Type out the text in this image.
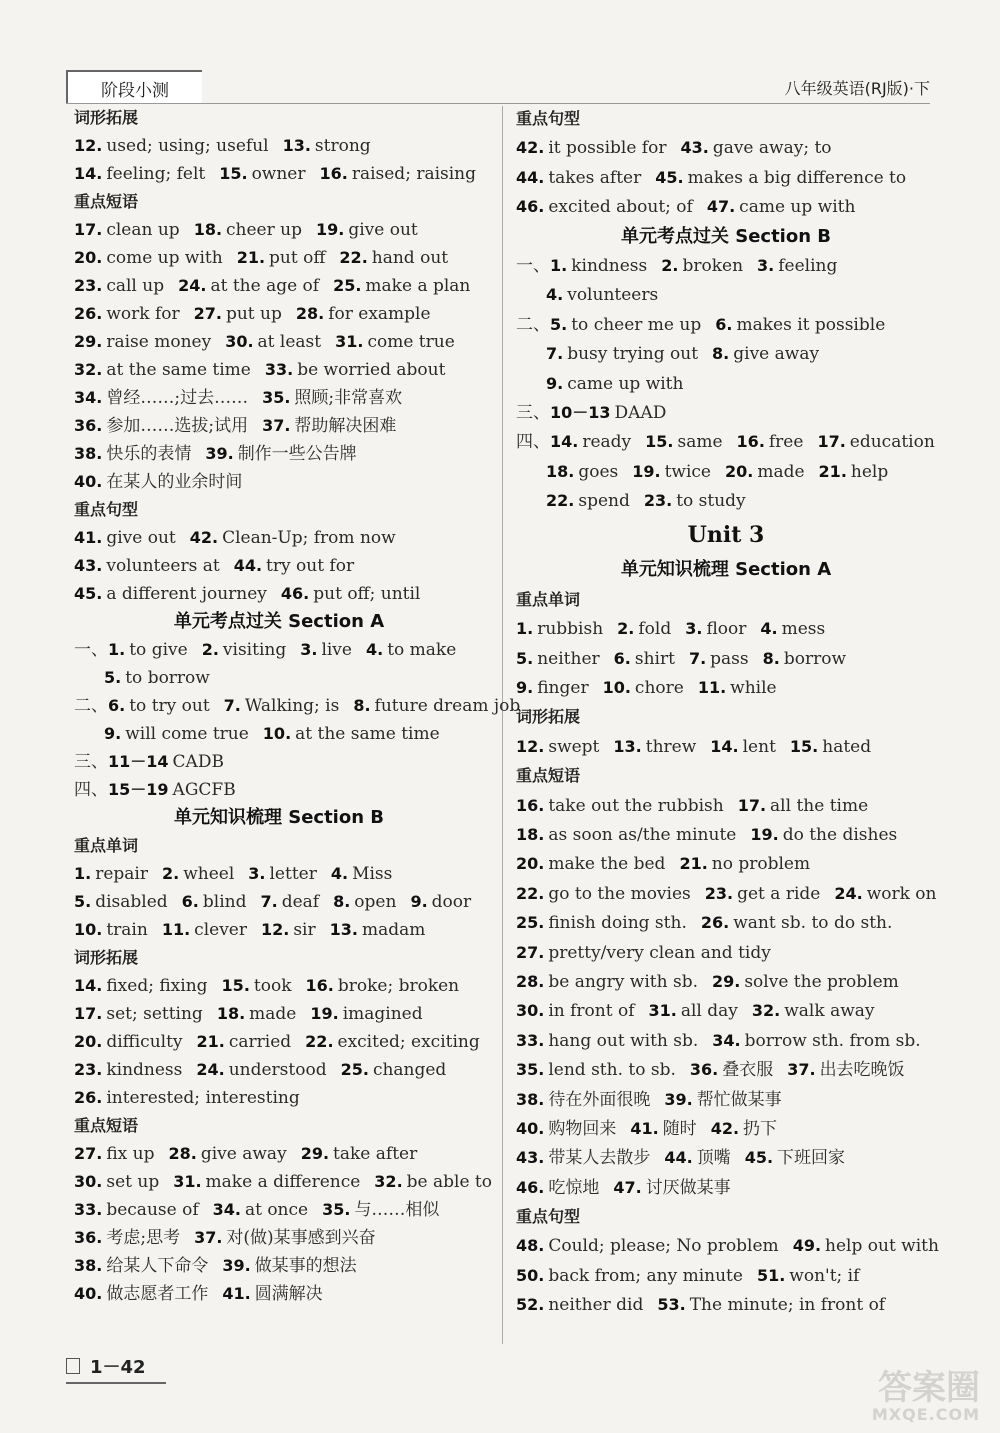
阶段小测	八年级英语(RJ版)·下
词形拓展
12. used; using; useful 13. strong
14. feeling; felt 15. owner 16. raised; raising
重点短语
17. clean up 18. cheer up 19. give out
20. come up with 21. put off 22. hand out
23. call up 24. at the age of 25. make a plan
26. work for 27. put up 28. for example
29. raise money 30. at least 31. come true
32. at the same time 33. be worried about
34. 曾经……;过去…… 35. 照顾;非常喜欢
36. 参加……选拔;试用 37. 帮助解决困难
38. 快乐的表情 39. 制作一些公告牌
40. 在某人的业余时间
重点句型
41. give out 42. Clean-Up; from now
43. volunteers at 44. try out for
45. a different journey 46. put off; until
单元考点过关 Section A
一、1. to give 2. visiting 3. live 4. to make
5. to borrow
二、6. to try out 7. Walking; is 8. future dream job
9. will come true 10. at the same time
三、11－14 CADB
四、15－19 AGCFB
单元知识梳理 Section B
重点单词
1. repair 2. wheel 3. letter 4. Miss
5. disabled 6. blind 7. deaf 8. open 9. door
10. train 11. clever 12. sir 13. madam
词形拓展
14. fixed; fixing 15. took 16. broke; broken
17. set; setting 18. made 19. imagined
20. difficulty 21. carried 22. excited; exciting
23. kindness 24. understood 25. changed
26. interested; interesting
重点短语
27. fix up 28. give away 29. take after
30. set up 31. make a difference 32. be able to
33. because of 34. at once 35. 与……相似
36. 考虑;思考 37. 对(做)某事感到兴奋
38. 给某人下命令 39. 做某事的想法
40. 做志愿者工作 41. 圆满解决
重点句型
42. it possible for 43. gave away; to
44. takes after 45. makes a big difference to
46. excited about; of 47. came up with
单元考点过关 Section B
一、1. kindness 2. broken 3. feeling
4. volunteers
二、5. to cheer me up 6. makes it possible
7. busy trying out 8. give away
9. came up with
三、10－13 DAAD
四、14. ready 15. same 16. free 17. education
18. goes 19. twice 20. made 21. help
22. spend 23. to study
Unit 3
单元知识梳理 Section A
重点单词
1. rubbish 2. fold 3. floor 4. mess
5. neither 6. shirt 7. pass 8. borrow
9. finger 10. chore 11. while
词形拓展
12. swept 13. threw 14. lent 15. hated
重点短语
16. take out the rubbish 17. all the time
18. as soon as/the minute 19. do the dishes
20. make the bed 21. no problem
22. go to the movies 23. get a ride 24. work on
25. finish doing sth. 26. want sb. to do sth.
27. pretty/very clean and tidy
28. be angry with sb. 29. solve the problem
30. in front of 31. all day 32. walk away
33. hang out with sb. 34. borrow sth. from sb.
35. lend sth. to sb. 36. 叠衣服 37. 出去吃晚饭
38. 待在外面很晚 39. 帮忙做某事
40. 购物回来 41. 随时 42. 扔下
43. 带某人去散步 44. 顶嘴 45. 下班回家
46. 吃惊地 47. 讨厌做某事
重点句型
48. Could; please; No problem 49. help out with
50. back from; any minute 51. won't; if
52. neither did 53. The minute; in front of
1－42
答案圈
MXQE.COM
